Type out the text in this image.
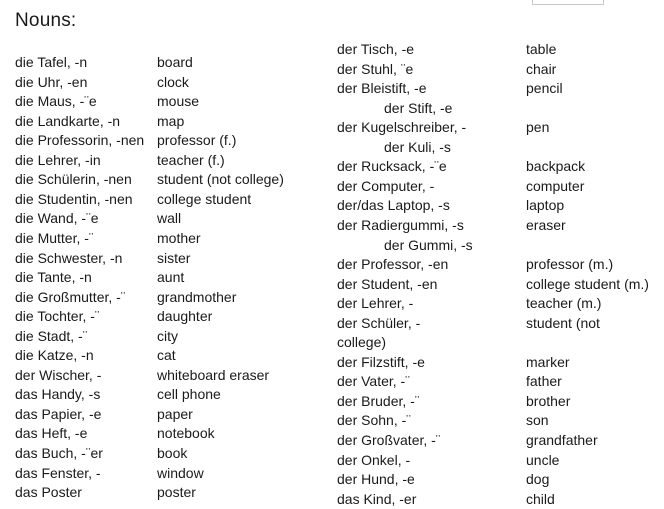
Nouns:
die Tafel, -n	board
die Uhr, -en	clock
die Maus, -¨e	mouse
die Landkarte, -n	map
die Professorin, -nen professor (f.)
die Lehrer, -in	teacher (f.)
die Schülerin, -nen student (not college)
die Studentin, -nen college student
die Wand, -¨e	wall
die Mutter, -¨	mother
die Schwester, -n sister
die Tante, -n	aunt
die Großmutter, -¨ grandmother
die Tochter, -¨	daughter
die Stadt, -¨	city
die Katze, -n	cat
der Wischer, -	whiteboard eraser
das Handy, -s	cell phone
das Papier, -e	paper
das Heft, -e	notebook
das Buch, -¨er	book
das Fenster, -	window
das Poster	poster
der Tisch, -e	table
der Stuhl, ¨e	chair
der Bleistift, -e	pencil
der Stift, -e
der Kugelschreiber, -	pen
der Kuli, -s
der Rucksack, -¨e	backpack
der Computer, -	computer
der/das Laptop, -s	laptop
der Radiergummi, -s	eraser
der Gummi, -s
der Professor, -en	professor (m.)
der Student, -en	college student (m.)
der Lehrer, -	teacher (m.)
der Schüler, -	student (not
college)
der Filzstift, -e	marker
der Vater, -¨	father
der Bruder, -¨	brother
der Sohn, -¨	son
der Großvater, -¨	grandfather
der Onkel, -	uncle
der Hund, -e	dog
das Kind, -er	child
